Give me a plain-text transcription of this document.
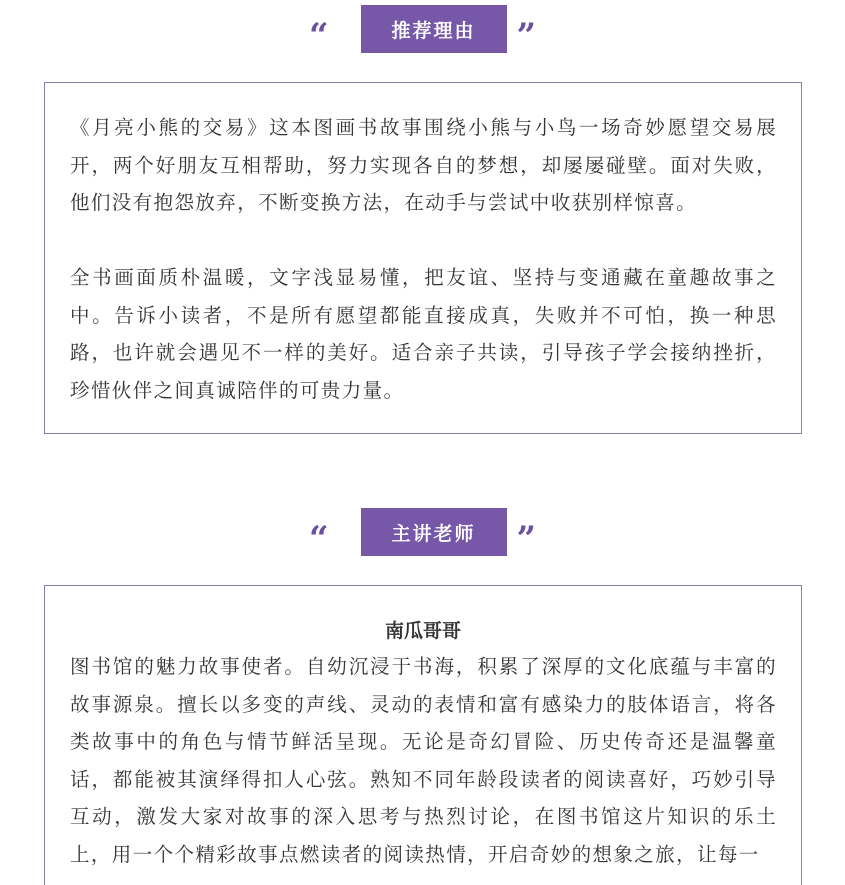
“	推荐理由	”

《月亮小熊的交易》这本图画书故事围绕小熊与小鸟一场奇妙愿望交易展开，两个好朋友互相帮助，努力实现各自的梦想，却屡屡碰壁。面对失败，他们没有抱怨放弃，不断变换方法，在动手与尝试中收获别样惊喜。

全书画面质朴温暖，文字浅显易懂，把友谊、坚持与变通藏在童趣故事之中。告诉小读者，不是所有愿望都能直接成真，失败并不可怕，换一种思路，也许就会遇见不一样的美好。适合亲子共读，引导孩子学会接纳挫折，珍惜伙伴之间真诚陪伴的可贵力量。

“	主讲老师	”
南瓜哥哥

图书馆的魅力故事使者。自幼沉浸于书海，积累了深厚的文化底蕴与丰富的故事源泉。擅长以多变的声线、灵动的表情和富有感染力的肢体语言，将各类故事中的角色与情节鲜活呈现。无论是奇幻冒险、历史传奇还是温馨童话，都能被其演绎得扣人心弦。熟知不同年龄段读者的阅读喜好，巧妙引导互动，激发大家对故事的深入思考与热烈讨论，在图书馆这片知识的乐土上，用一个个精彩故事点燃读者的阅读热情，开启奇妙的想象之旅，让每一
